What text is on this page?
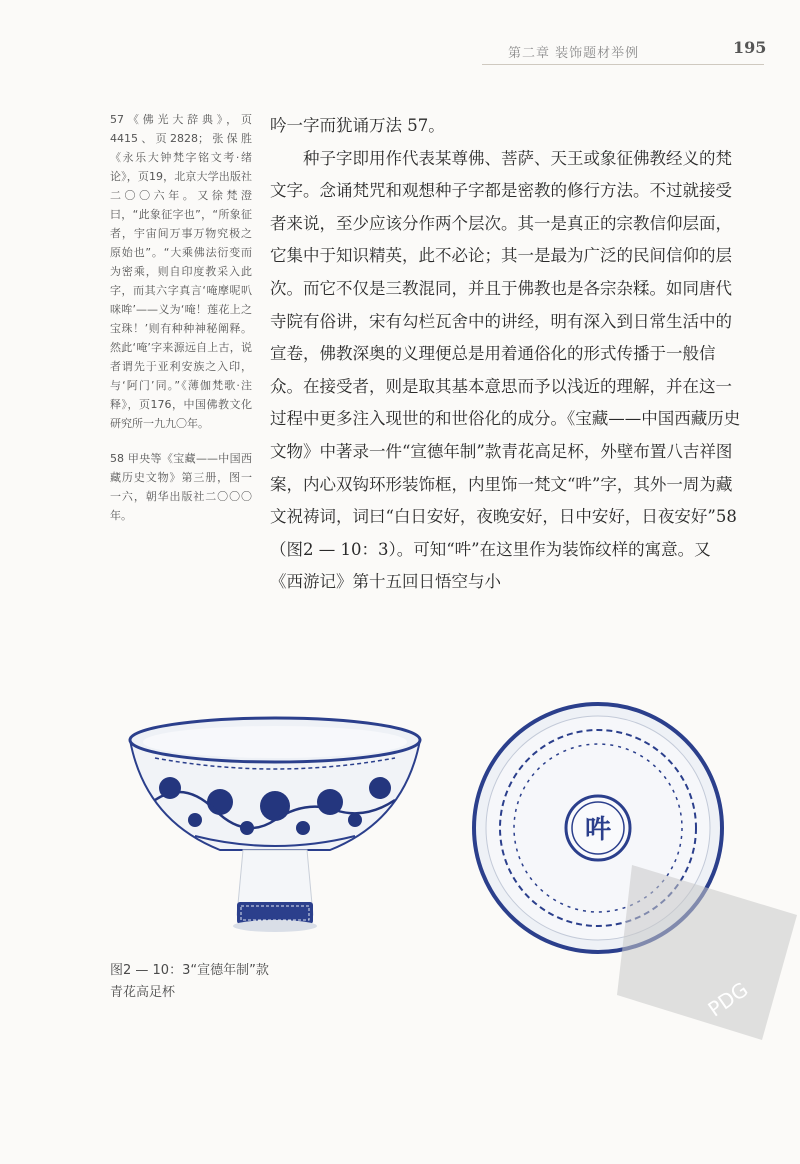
第二章 装饰题材举例	195

57《佛光大辞典》，页4415、页2828；张保胜《永乐大钟梵字铭文考·绪论》，页19，北京大学出版社二〇〇六年。又徐梵澄曰，“此象征字也”，“所象征者，宇宙间万事万物究极之原始也”。“大乘佛法衍变而为密乘，则自印度教采入此字，而其六字真言‘唵摩呢叭咪哞’——义为‘唵！莲花上之宝珠！’则有种种神秘阐释。然此‘唵’字来源远自上古，说者谓先于亚利安族之入印，与‘阿门’同。”《薄伽梵歌·注释》，页176，中国佛教文化研究所一九九〇年。

58 甲央等《宝藏——中国西藏历史文物》第三册，图一一六，朝华出版社二〇〇〇年。

吟一字而犹诵万法 57。

　　种子字即用作代表某尊佛、菩萨、天王或象征佛教经义的梵文字。念诵梵咒和观想种子字都是密教的修行方法。不过就接受者来说，至少应该分作两个层次。其一是真正的宗教信仰层面，它集中于知识精英，此不必论；其一是最为广泛的民间信仰的层次。而它不仅是三教混同，并且于佛教也是各宗杂糅。如同唐代寺院有俗讲，宋有勾栏瓦舍中的讲经，明有深入到日常生活中的宣卷，佛教深奥的义理便总是用着通俗化的形式传播于一般信众。在接受者，则是取其基本意思而予以浅近的理解，并在这一过程中更多注入现世的和世俗化的成分。《宝藏——中国西藏历史文物》中著录一件“宣德年制”款青花高足杯，外壁布置八吉祥图案，内心双钩环形装饰框，内里饰一梵文“吽”字，其外一周为藏文祝祷词，词曰“白日安好，夜晚安好，日中安好，日夜安好”58（图2 — 10：3）。可知“吽”在这里作为装饰纹样的寓意。又《西游记》第十五回日悟空与小

吽
图2 — 10：3“宣德年制”款青花高足杯	PDG
